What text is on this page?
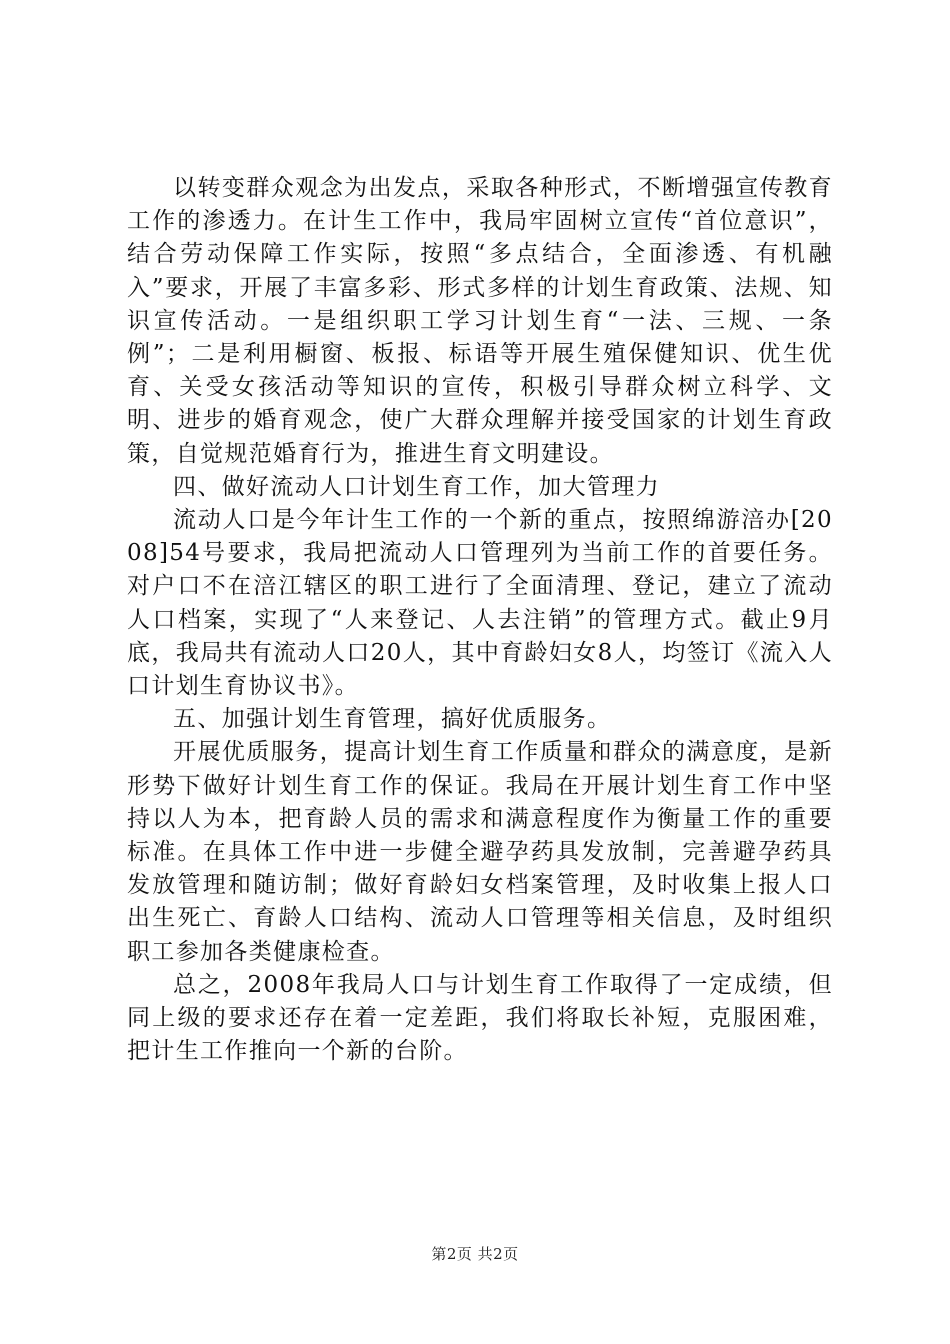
以转变群众观念为出发点，采取各种形式，不断增强宣传教育工作的渗透力。在计生工作中，我局牢固树立宣传“首位意识”，结合劳动保障工作实际，按照“多点结合，全面渗透、有机融入”要求，开展了丰富多彩、形式多样的计划生育政策、法规、知识宣传活动。一是组织职工学习计划生育“一法、三规、一条例”；二是利用橱窗、板报、标语等开展生殖保健知识、优生优育、关受女孩活动等知识的宣传，积极引导群众树立科学、文明、进步的婚育观念，使广大群众理解并接受国家的计划生育政策，自觉规范婚育行为，推进生育文明建设。

四、做好流动人口计划生育工作，加大管理力

流动人口是今年计生工作的一个新的重点，按照绵游涪办[2008]54号要求，我局把流动人口管理列为当前工作的首要任务。对户口不在涪江辖区的职工进行了全面清理、登记，建立了流动人口档案，实现了“人来登记、人去注销”的管理方式。截止9月底，我局共有流动人口20人，其中育龄妇女8人，均签订《流入人口计划生育协议书》。

五、加强计划生育管理，搞好优质服务。

开展优质服务，提高计划生育工作质量和群众的满意度，是新形势下做好计划生育工作的保证。我局在开展计划生育工作中坚持以人为本，把育龄人员的需求和满意程度作为衡量工作的重要标准。在具体工作中进一步健全避孕药具发放制，完善避孕药具发放管理和随访制；做好育龄妇女档案管理，及时收集上报人口出生死亡、育龄人口结构、流动人口管理等相关信息，及时组织职工参加各类健康检查。

总之，2008年我局人口与计划生育工作取得了一定成绩，但同上级的要求还存在着一定差距，我们将取长补短，克服困难，把计生工作推向一个新的台阶。

第2页 共2页
